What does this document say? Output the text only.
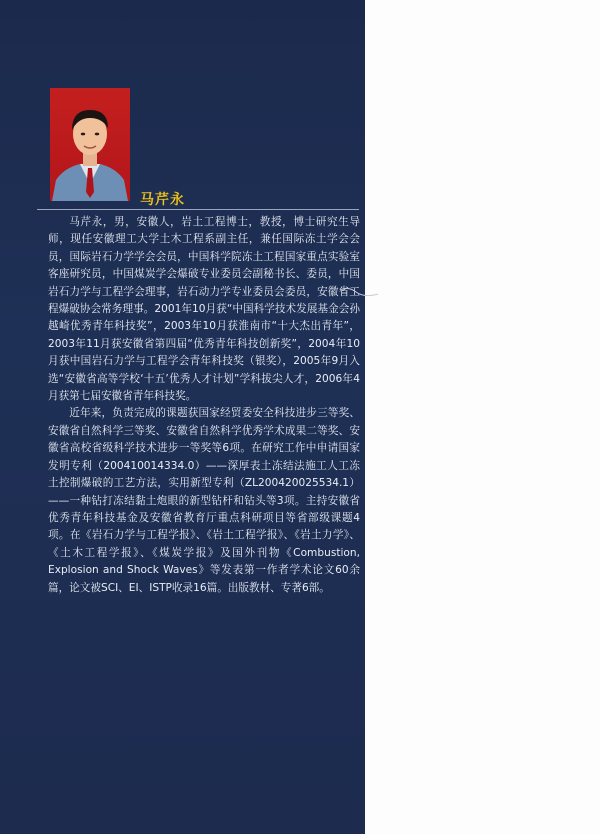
马芹永

马芹永，男，安徽人，岩土工程博士，教授，博士研究生导师，现任安徽理工大学土木工程系副主任，兼任国际冻土学会会员，国际岩石力学学会会员，中国科学院冻土工程国家重点实验室客座研究员，中国煤炭学会爆破专业委员会副秘书长、委员，中国岩石力学与工程学会理事，岩石动力学专业委员会委员，安徽省工程爆破协会常务理事。2001年10月获“中国科学技术发展基金会孙越崎优秀青年科技奖”，2003年10月获淮南市“十大杰出青年”，2003年11月获安徽省第四届“优秀青年科技创新奖”，2004年10月获中国岩石力学与工程学会青年科技奖（银奖），2005年9月入选“安徽省高等学校‘十五’优秀人才计划”学科拔尖人才，2006年4月获第七届安徽省青年科技奖。

近年来，负责完成的课题获国家经贸委安全科技进步三等奖、安徽省自然科学三等奖、安徽省自然科学优秀学术成果二等奖、安徽省高校省级科学技术进步一等奖等6项。在研究工作中申请国家发明专利（200410014334.0）——深厚表土冻结法施工人工冻土控制爆破的工艺方法，实用新型专利（ZL200420025534.1）——一种钻打冻结黏土炮眼的新型钻杆和钻头等3项。主持安徽省优秀青年科技基金及安徽省教育厅重点科研项目等省部级课题4项。在《岩石力学与工程学报》、《岩土工程学报》、《岩土力学》、《土木工程学报》、《煤炭学报》及国外刊物《Combustion, Explosion and Shock Waves》等发表第一作者学术论文60余篇，论文被SCI、EI、ISTP收录16篇。出版教材、专著6部。
